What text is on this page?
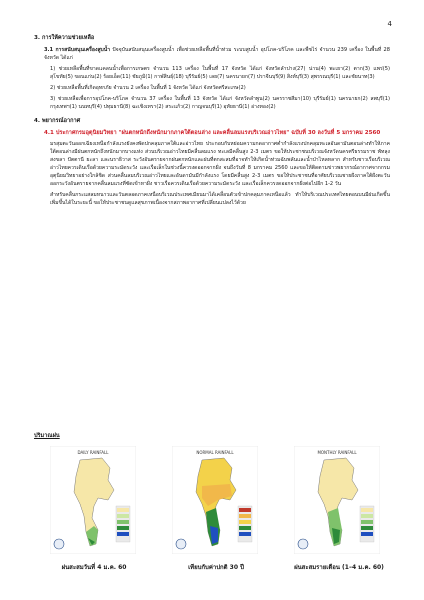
4
3. การให้ความช่วยเหลือ
3.1 การสนับสนุนเครื่องสูบน้ำ ปัจจุบันสนับสนุนเครื่องสูบน้ำ เพื่อช่วยเหลือพื้นที่น้ำท่วม ระบบสูบน้ำ อุปโภค-บริโภค และพืชไร่ จำนวน 239 เครื่อง ในพื้นที่ 28 จังหวัด ได้แก่
1) ช่วยเหลือพื้นที่ขาดแคลนน้ำเพื่อการเกษตร จำนวน 113 เครื่อง ในพื้นที่ 17 จังหวัด ได้แก่ จังหวัดลำปาง(27) น่าน(4) พะเยา(2) ตาก(3) แพร่(5) สุโขทัย(5) ขอนแก่น(2) ร้อยเอ็ด(11) ชัยภูมิ(1) กาฬสินธุ์(18) บุรีรัมย์(5) เลย(7) นครนายก(7) ปราจีนบุรี(9) สิงห์บุรี(3) สุพรรณบุรี(1) และชัยนาท(3)
2) ช่วยเหลือพื้นที่เกิดอุทกภัย จำนวน 2 เครื่อง ในพื้นที่ 1 จังหวัด ได้แก่ จังหวัดศรีสะเกษ(2)
3) ช่วยเหลือเพื่อการอุปโภค-บริโภค จำนวน 37 เครื่อง ในพื้นที่ 13 จังหวัด ได้แก่ จังหวัดลำพูน(2) นครราชสีมา(10) บุรีรัมย์(1) นครนายก(2) ลพบุรี(1) กรุงเทพฯ(1) นนทบุรี(4) ปทุมธานี(8) ฉะเชิงเทรา(2) สระแก้ว(2) กาญจนบุรี(1) อุทัยธานี(1) อ่างทอง(2)
4. พยากรณ์อากาศ
4.1 ประกาศกรมอุตุนิยมวิทยา "ฝนตกหนักถึงหนักมากภาคใต้ตอนล่าง และคลื่นลมแรงบริเวณอ่าวไทย" ฉบับที่ 30 ลงวันที่ 5 มกราคม 2560
มรสุมตะวันออกเฉียงเหนือกำลังแรงยังคงพัดปกคลุมภาคใต้และอ่าวไทย ประกอบกับหย่อมความกดอากาศต่ำกำลังแรงปกคลุมทะเลอันดามันตอนล่างทำให้ภาคใต้ตอนล่างมีฝนตกหนักถึงหนักมากบางแห่ง ส่วนบริเวณอ่าวไทยมีคลื่นลมแรง ทะเลมีคลื่นสูง 2-3 เมตร ขอให้ประชาชนบริเวณจังหวัดนครศรีธรรมราช พัทลุง สงขลา ปัตตานี ยะลา และนราธิวาส ระวังอันตรายจากฝนตกหนักและฝนที่ตกสะสมที่อาจทำให้เกิดน้ำท่วมฉับพลันและน้ำป่าไหลหลาก สำหรับชาวเรือบริเวณอ่าวไทยควรเดินเรือด้วยความระมัดระวัง และเรือเล็กในช่วงนี้ควรงดออกจากฝั่ง จนถึงวันที่ 8 มกราคม 2560 และขอให้ติดตามข่าวพยากรณ์อากาศจากกรมอุตุนิยมวิทยาอย่างใกล้ชิด ส่วนคลื่นลมบริเวณอ่าวไทยและอันดามันมีกำลังแรง โดยมีคลื่นสูง 2-3 เมตร ขอให้ประชาชนที่อาศัยบริเวณชายฝั่งภาคใต้ฝั่งตะวันออกระวังอันตรายจากคลื่นลมแรงที่ซัดเข้าหาฝั่ง ชาวเรือควรเดินเรือด้วยความระมัดระวัง และเรือเล็กควรงดออกจากฝั่งต่อไปอีก 1-2 วัน
สำหรับคลื่นกระแสลมหนาวและวันตลอดภาคเหนือบริเวณประเทศเมียนมาได้เคลื่อนตัวเข้าปกคลุมภาคเหนือแล้ว ทำให้บริเวณประเทศไทยตอนบนมีฝนเกิดขึ้นเพิ่มขึ้นได้ในระยะนี้ ขอให้ประชาชนดูแลสุขภาพเนื่องจากสภาพอากาศที่เปลี่ยนแปลงไว้ด้วย
ปริมาณฝน
DAILY RAINFALL	NORMAL RAINFALL	MONTHLY RAINFALL
ฝนสะสมวันที่ 4 ม.ค. 60	เทียบกับค่าปกติ 30 ปี	ฝนสะสมรายเดือน (1–4 ม.ค. 60)
